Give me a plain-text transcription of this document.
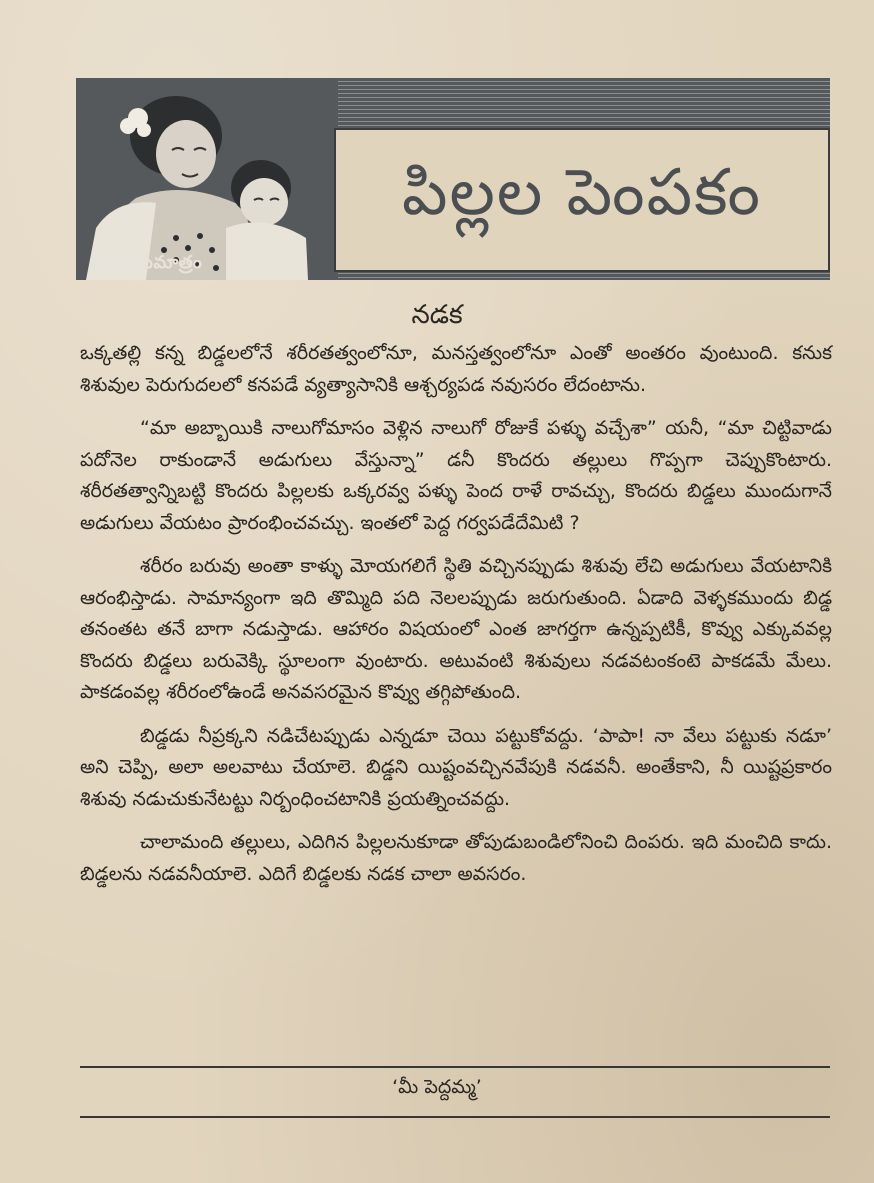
తల్లులకుమాత్రం
పిల్లల పెంపకం
నడక

ఒక్కతల్లి కన్న బిడ్డలలోనే శరీరతత్వంలోనూ, మనస్తత్వంలోనూ ఎంతో అంతరం వుంటుంది. కనుక శిశువుల పెరుగుదలలో కనపడే వ్యత్యాసానికి ఆశ్చర్యపడ నవుసరం లేదంటాను.

“మా అబ్బాయికి నాలుగోమాసం వెళ్లిన నాలుగో రోజుకే పళ్ళు వచ్చేశా” యనీ, “మా చిట్టివాడు పదోనెల రాకుండానే అడుగులు వేస్తున్నా” డనీ కొందరు తల్లులు గొప్పగా చెప్పుకొంటారు. శరీరతత్వాన్నిబట్టి కొందరు పిల్లలకు ఒక్కరవ్వ పళ్ళు పెంద రాళే రావచ్చు, కొందరు బిడ్డలు ముందుగానే అడుగులు వేయటం ప్రారంభించవచ్చు. ఇంతలో పెద్ద గర్వపడేదేమిటి ?

శరీరం బరువు అంతా కాళ్ళు మోయగలిగే స్థితి వచ్చినప్పుడు శిశువు లేచి అడుగులు వేయటానికి ఆరంభిస్తాడు. సామాన్యంగా ఇది తొమ్మిది పది నెలలప్పుడు జరుగుతుంది. ఏడాది వెళ్ళకముందు బిడ్డ తనంతట తనే బాగా నడుస్తాడు. ఆహారం విషయంలో ఎంత జాగర్తగా ఉన్నప్పటికీ, కొవ్వు ఎక్కువవల్ల కొందరు బిడ్డలు బరువెక్కి స్థూలంగా వుంటారు. అటువంటి శిశువులు నడవటంకంటె పాకడమే మేలు. పాకడంవల్ల శరీరంలోఉండే అనవసరమైన కొవ్వు తగ్గిపోతుంది.

బిడ్డడు నీప్రక్కని నడిచేటప్పుడు ఎన్నడూ చెయి పట్టుకోవద్దు. ‘పాపా! నా వేలు పట్టుకు నడూ’ అని చెప్పి, అలా అలవాటు చేయాలె. బిడ్డని యిష్టంవచ్చినవేపుకి నడవనీ. అంతేకాని, నీ యిష్టప్రకారం శిశువు నడుచుకునేటట్టు నిర్బంధించటానికి ప్రయత్నించవద్దు.

చాలామంది తల్లులు, ఎదిగిన పిల్లలనుకూడా తోపుడుబండిలోనించి దింపరు. ఇది మంచిది కాదు. బిడ్డలను నడవనీయాలె. ఎదిగే బిడ్డలకు నడక చాలా అవసరం.

‘మీ పెద్దమ్మ’
